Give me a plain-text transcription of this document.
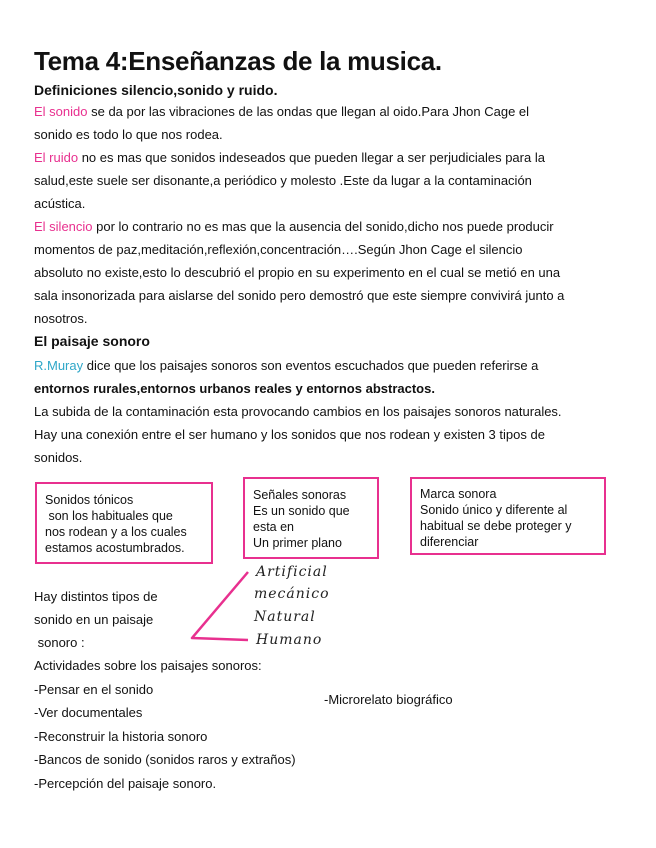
Tema 4:Enseñanzas de la musica.
Definiciones silencio,sonido y ruido.
El sonido se da por las vibraciones de las ondas que llegan al oido.Para Jhon Cage el
sonido es todo lo que nos rodea.
El ruido no es mas que sonidos indeseados que pueden llegar a ser perjudiciales para la
salud,este suele ser disonante,a periódico y molesto .Este da lugar a la contaminación
acústica.
El silencio por lo contrario no es mas que la ausencia del sonido,dicho nos puede producir
momentos de paz,meditación,reflexión,concentración….Según Jhon Cage el silencio
absoluto no existe,esto lo descubrió el propio en su experimento en el cual se metió en una
sala insonorizada para aislarse del sonido pero demostró que este siempre convivirá junto a
nosotros.
El paisaje sonoro
R.Muray dice que los paisajes sonoros son eventos escuchados que pueden referirse a
entornos rurales,entornos urbanos reales y entornos abstractos.
La subida de la contaminación esta provocando cambios en los paisajes sonoros naturales.
Hay una conexión entre el ser humano y los sonidos que nos rodean y existen 3 tipos de
sonidos.
Sonidos tónicos
son los habituales que
nos rodean y a los cuales
estamos acostumbrados.
Señales sonoras
Es un sonido que
esta en
Un primer plano
Marca sonora
Sonido único y diferente al
habitual se debe proteger y
diferenciar
Hay distintos tipos de
sonido en un paisaje
sonoro :
Artificial
mecánico
Natural
Humano
Actividades sobre los paisajes sonoros:
-Pensar en el sonido
-Ver documentales
-Reconstruir la historia sonoro
-Bancos de sonido (sonidos raros y extraños)
-Percepción del paisaje sonoro.
-Microrelato biográfico
